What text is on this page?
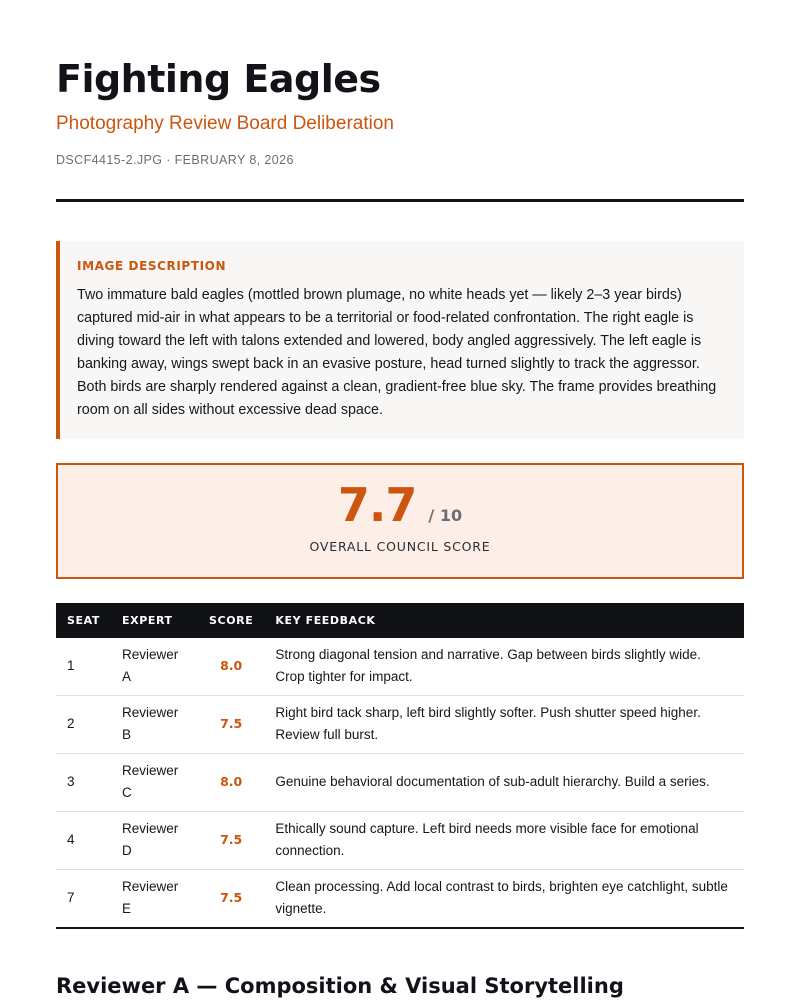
Fighting Eagles
Photography Review Board Deliberation
DSCF4415-2.JPG · FEBRUARY 8, 2026
IMAGE DESCRIPTION

Two immature bald eagles (mottled brown plumage, no white heads yet — likely 2–3 year birds) captured mid-air in what appears to be a territorial or food-related confrontation. The right eagle is diving toward the left with talons extended and lowered, body angled aggressively. The left eagle is banking away, wings swept back in an evasive posture, head turned slightly to track the aggressor. Both birds are sharply rendered against a clean, gradient-free blue sky. The frame provides breathing room on all sides without excessive dead space.

7.7 / 10
OVERALL COUNCIL SCORE
SEAT	EXPERT	SCORE	KEY FEEDBACK
1	Reviewer A	8.0	Strong diagonal tension and narrative. Gap between birds slightly wide. Crop tighter for impact.
2	Reviewer B	7.5	Right bird tack sharp, left bird slightly softer. Push shutter speed higher. Review full burst.
3	Reviewer C	8.0	Genuine behavioral documentation of sub-adult hierarchy. Build a series.
4	Reviewer D	7.5	Ethically sound capture. Left bird needs more visible face for emotional connection.
7	Reviewer E	7.5	Clean processing. Add local contrast to birds, brighten eye catchlight, subtle vignette.
Reviewer A — Composition & Visual Storytelling
